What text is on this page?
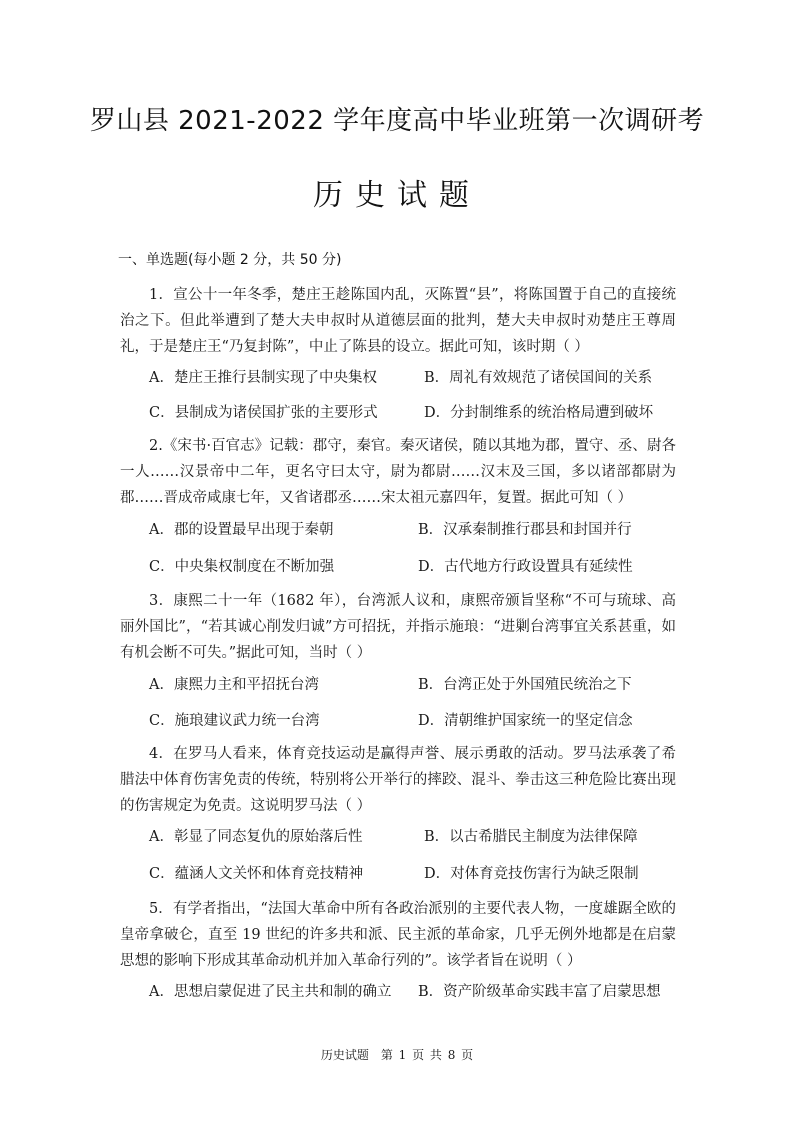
罗山县 2021-2022 学年度高中毕业班第一次调研考
历史试题
一、单选题(每小题 2 分，共 50 分)

1．宣公十一年冬季，楚庄王趁陈国内乱，灭陈置“县”，将陈国置于自己的直接统治之下。但此举遭到了楚大夫申叔时从道德层面的批判，楚大夫申叔时劝楚庄王尊周礼，于是楚庄王“乃复封陈”，中止了陈县的设立。据此可知，该时期（ ）

A．楚庄王推行县制实现了中央集权	B．周礼有效规范了诸侯国间的关系
C．县制成为诸侯国扩张的主要形式	D．分封制维系的统治格局遭到破坏

2.《宋书·百官志》记载：郡守，秦官。秦灭诸侯，随以其地为郡，置守、丞、尉各一人……汉景帝中二年，更名守曰太守，尉为都尉……汉末及三国，多以诸部都尉为郡……晋成帝咸康七年，又省诸郡丞……宋太祖元嘉四年，复置。据此可知（ ）

A．郡的设置最早出现于秦朝	B．汉承秦制推行郡县和封国并行
C．中央集权制度在不断加强	D．古代地方行政设置具有延续性

3．康熙二十一年（1682 年），台湾派人议和，康熙帝颁旨坚称“不可与琉球、高丽外国比”，“若其诚心削发归诚”方可招抚，并指示施琅：“进剿台湾事宜关系甚重，如有机会断不可失。”据此可知，当时（ ）

A．康熙力主和平招抚台湾	B．台湾正处于外国殖民统治之下
C．施琅建议武力统一台湾	D．清朝维护国家统一的坚定信念

4．在罗马人看来，体育竞技运动是赢得声誉、展示勇敢的活动。罗马法承袭了希腊法中体育伤害免责的传统，特别将公开举行的摔跤、混斗、拳击这三种危险比赛出现的伤害规定为免责。这说明罗马法（ ）

A．彰显了同态复仇的原始落后性	B．以古希腊民主制度为法律保障
C．蕴涵人文关怀和体育竞技精神	D．对体育竞技伤害行为缺乏限制

5．有学者指出，“法国大革命中所有各政治派别的主要代表人物，一度雄踞全欧的皇帝拿破仑，直至 19 世纪的许多共和派、民主派的革命家，几乎无例外地都是在启蒙思想的影响下形成其革命动机并加入革命行列的”。该学者旨在说明（ ）

A．思想启蒙促进了民主共和制的确立 B．资产阶级革命实践丰富了启蒙思想
历史试题　第 1 页 共 8 页
